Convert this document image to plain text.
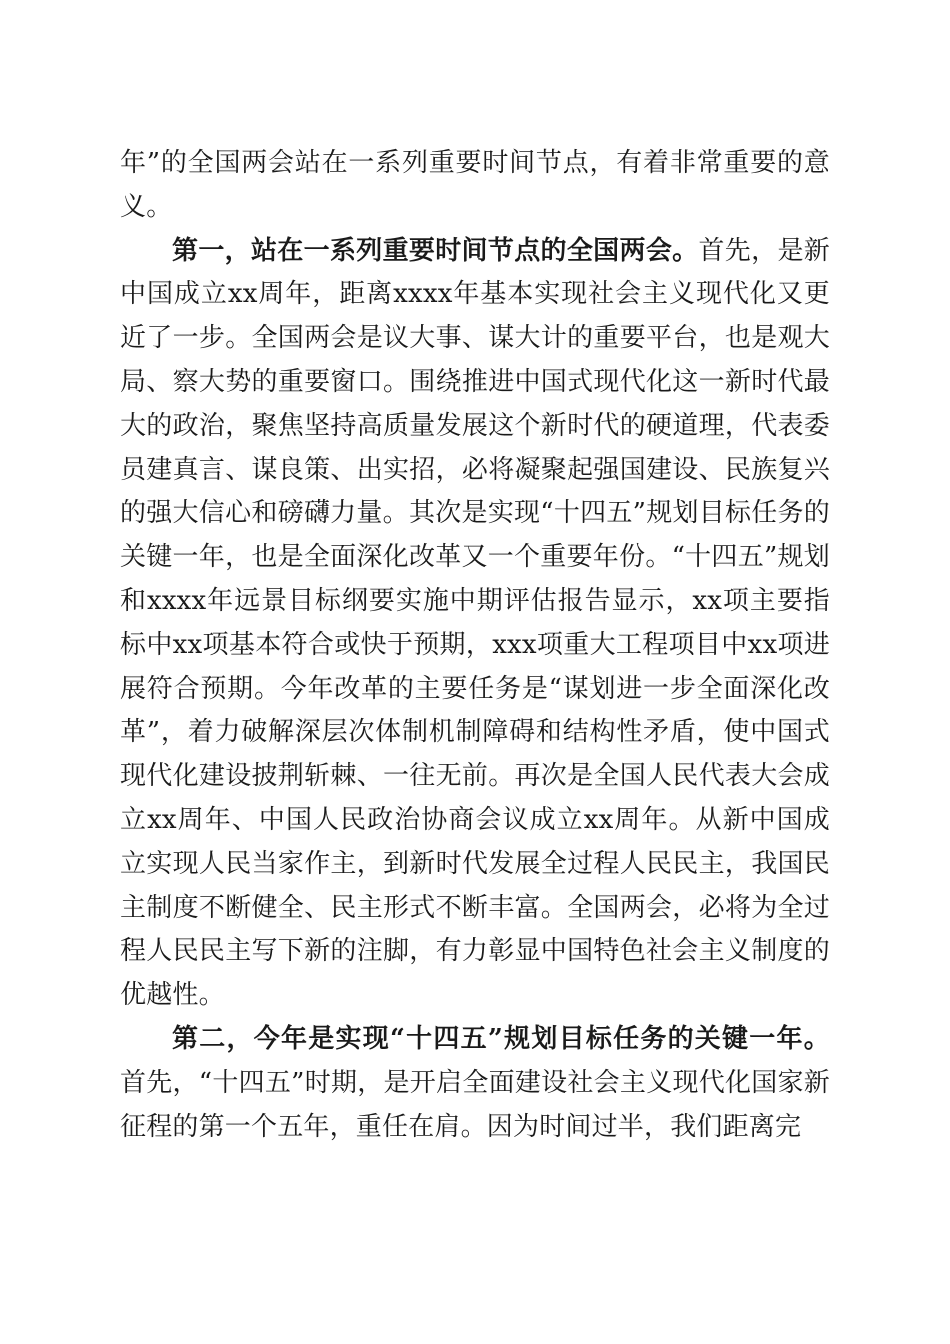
年”的全国两会站在一系列重要时间节点，有着非常重要的意义。

第一，站在一系列重要时间节点的全国两会。首先，是新中国成立xx周年，距离xxxx年基本实现社会主义现代化又更近了一步。全国两会是议大事、谋大计的重要平台，也是观大局、察大势的重要窗口。围绕推进中国式现代化这一新时代最大的政治，聚焦坚持高质量发展这个新时代的硬道理，代表委员建真言、谋良策、出实招，必将凝聚起强国建设、民族复兴的强大信心和磅礴力量。其次是实现“十四五”规划目标任务的关键一年，也是全面深化改革又一个重要年份。“十四五”规划和xxxx年远景目标纲要实施中期评估报告显示，xx项主要指标中xx项基本符合或快于预期，xxx项重大工程项目中xx项进展符合预期。今年改革的主要任务是“谋划进一步全面深化改革”，着力破解深层次体制机制障碍和结构性矛盾，使中国式现代化建设披荆斩棘、一往无前。再次是全国人民代表大会成立xx周年、中国人民政治协商会议成立xx周年。从新中国成立实现人民当家作主，到新时代发展全过程人民民主，我国民主制度不断健全、民主形式不断丰富。全国两会，必将为全过程人民民主写下新的注脚，有力彰显中国特色社会主义制度的优越性。

第二，今年是实现“十四五”规划目标任务的关键一年。首先，“十四五”时期，是开启全面建设社会主义现代化国家新征程的第一个五年，重任在肩。因为时间过半，我们距离完
